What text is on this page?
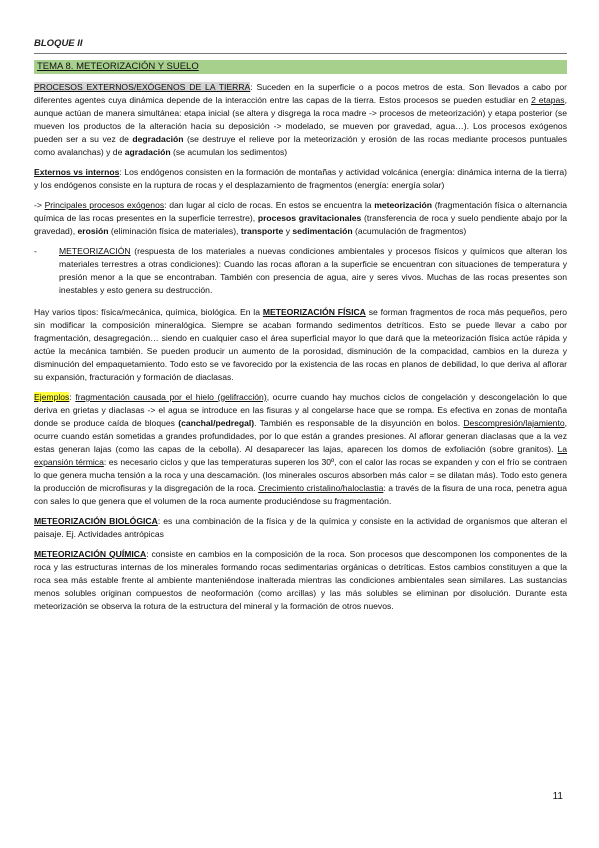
BLOQUE II
TEMA 8. METEORIZACIÓN Y SUELO

PROCESOS EXTERNOS/EXÓGENOS DE LA TIERRA: Suceden en la superficie o a pocos metros de esta. Son llevados a cabo por diferentes agentes cuya dinámica depende de la interacción entre las capas de la tierra. Estos procesos se pueden estudiar en 2 etapas, aunque actúan de manera simultánea: etapa inicial (se altera y disgrega la roca madre -> procesos de meteorización) y etapa posterior (se mueven los productos de la alteración hacia su deposición -> modelado, se mueven por gravedad, agua…). Los procesos exógenos pueden ser a su vez de degradación (se destruye el relieve por la meteorización y erosión de las rocas mediante procesos puntuales como avalanchas) y de agradación (se acumulan los sedimentos)

Externos vs internos: Los endógenos consisten en la formación de montañas y actividad volcánica (energía: dinámica interna de la tierra) y los endógenos consiste en la ruptura de rocas y el desplazamiento de fragmentos (energía: energía solar)

-> Principales procesos exógenos: dan lugar al ciclo de rocas. En estos se encuentra la meteorización (fragmentación física o alternancia química de las rocas presentes en la superficie terrestre), procesos gravitacionales (transferencia de roca y suelo pendiente abajo por la gravedad), erosión (eliminación física de materiales), transporte y sedimentación (acumulación de fragmentos)

-	METEORIZACIÓN (respuesta de los materiales a nuevas condiciones ambientales y procesos físicos y químicos que alteran los materiales terrestres a otras condiciones): Cuando las rocas afloran a la superficie se encuentran con situaciones de temperatura y presión menor a la que se encontraban. También con presencia de agua, aire y seres vivos. Muchas de las rocas presentes son inestables y esto genera su destrucción.

Hay varios tipos: física/mecánica, química, biológica. En la METEORIZACIÓN FÍSICA se forman fragmentos de roca más pequeños, pero sin modificar la composición mineralógica. Siempre se acaban formando sedimentos detríticos. Esto se puede llevar a cabo por fragmentación, desagregación… siendo en cualquier caso el área superficial mayor lo que dará que la meteorización física actúe rápida y actúe la mecánica también. Se pueden producir un aumento de la porosidad, disminución de la compacidad, cambios en la dureza y disminución del empaquetamiento. Todo esto se ve favorecido por la existencia de las rocas en planos de debilidad, lo que deriva al aflorar su expansión, fracturación y formación de diaclasas.

Ejemplos: fragmentación causada por el hielo (gelifracción), ocurre cuando hay muchos ciclos de congelación y descongelación lo que deriva en grietas y diaclasas -> el agua se introduce en las fisuras y al congelarse hace que se rompa. Es efectiva en zonas de montaña donde se produce caída de bloques (canchal/pedregal). También es responsable de la disyunción en bolos. Descompresión/lajamiento, ocurre cuando están sometidas a grandes profundidades, por lo que están a grandes presiones. Al aflorar generan diaclasas que a la vez estas generan lajas (como las capas de la cebolla). Al desaparecer las lajas, aparecen los domos de exfoliación (sobre granitos). La expansión térmica: es necesario ciclos y que las temperaturas superen los 30º, con el calor las rocas se expanden y con el frío se contraen lo que genera mucha tensión a la roca y una descamación. (los minerales oscuros absorben más calor = se dilatan más). Todo esto genera la producción de microfisuras y la disgregación de la roca. Crecimiento cristalino/haloclastia: a través de la fisura de una roca, penetra agua con sales lo que genera que el volumen de la roca aumente produciéndose su fragmentación.

METEORIZACIÓN BIOLÓGICA: es una combinación de la física y de la química y consiste en la actividad de organismos que alteran el paisaje. Ej. Actividades antrópicas

METEORIZACIÓN QUÍMICA: consiste en cambios en la composición de la roca. Son procesos que descomponen los componentes de la roca y las estructuras internas de los minerales formando rocas sedimentarias orgánicas o detríticas. Estos cambios constituyen a que la roca sea más estable frente al ambiente manteniéndose inalterada mientras las condiciones ambientales sean similares. Las sustancias menos solubles originan compuestos de neoformación (como arcillas) y las más solubles se eliminan por disolución. Durante esta meteorización se observa la rotura de la estructura del mineral y la formación de otros nuevos.

11
